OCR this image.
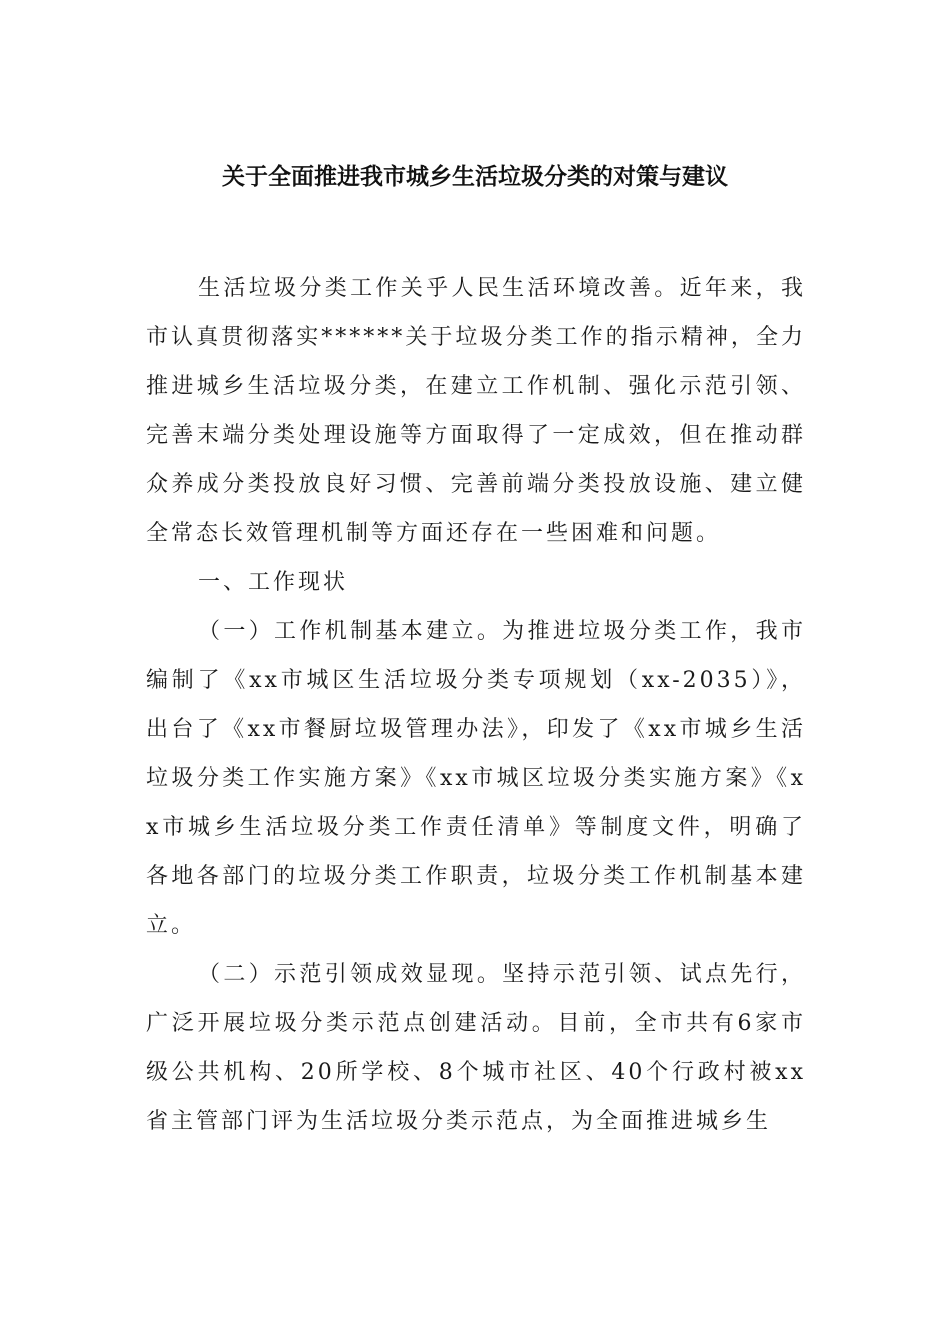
关于全面推进我市城乡生活垃圾分类的对策与建议

生活垃圾分类工作关乎人民生活环境改善。近年来，我市认真贯彻落实******关于垃圾分类工作的指示精神，全力推进城乡生活垃圾分类，在建立工作机制、强化示范引领、完善末端分类处理设施等方面取得了一定成效，但在推动群众养成分类投放良好习惯、完善前端分类投放设施、建立健全常态长效管理机制等方面还存在一些困难和问题。

一、工作现状

（一）工作机制基本建立。为推进垃圾分类工作，我市编制了《xx市城区生活垃圾分类专项规划（xx-2035）》，出台了《xx市餐厨垃圾管理办法》，印发了《xx市城乡生活垃圾分类工作实施方案》《xx市城区垃圾分类实施方案》《xx市城乡生活垃圾分类工作责任清单》等制度文件，明确了各地各部门的垃圾分类工作职责，垃圾分类工作机制基本建立。

（二）示范引领成效显现。坚持示范引领、试点先行，广泛开展垃圾分类示范点创建活动。目前，全市共有6家市级公共机构、20所学校、8个城市社区、40个行政村被xx省主管部门评为生活垃圾分类示范点，为全面推进城乡生
